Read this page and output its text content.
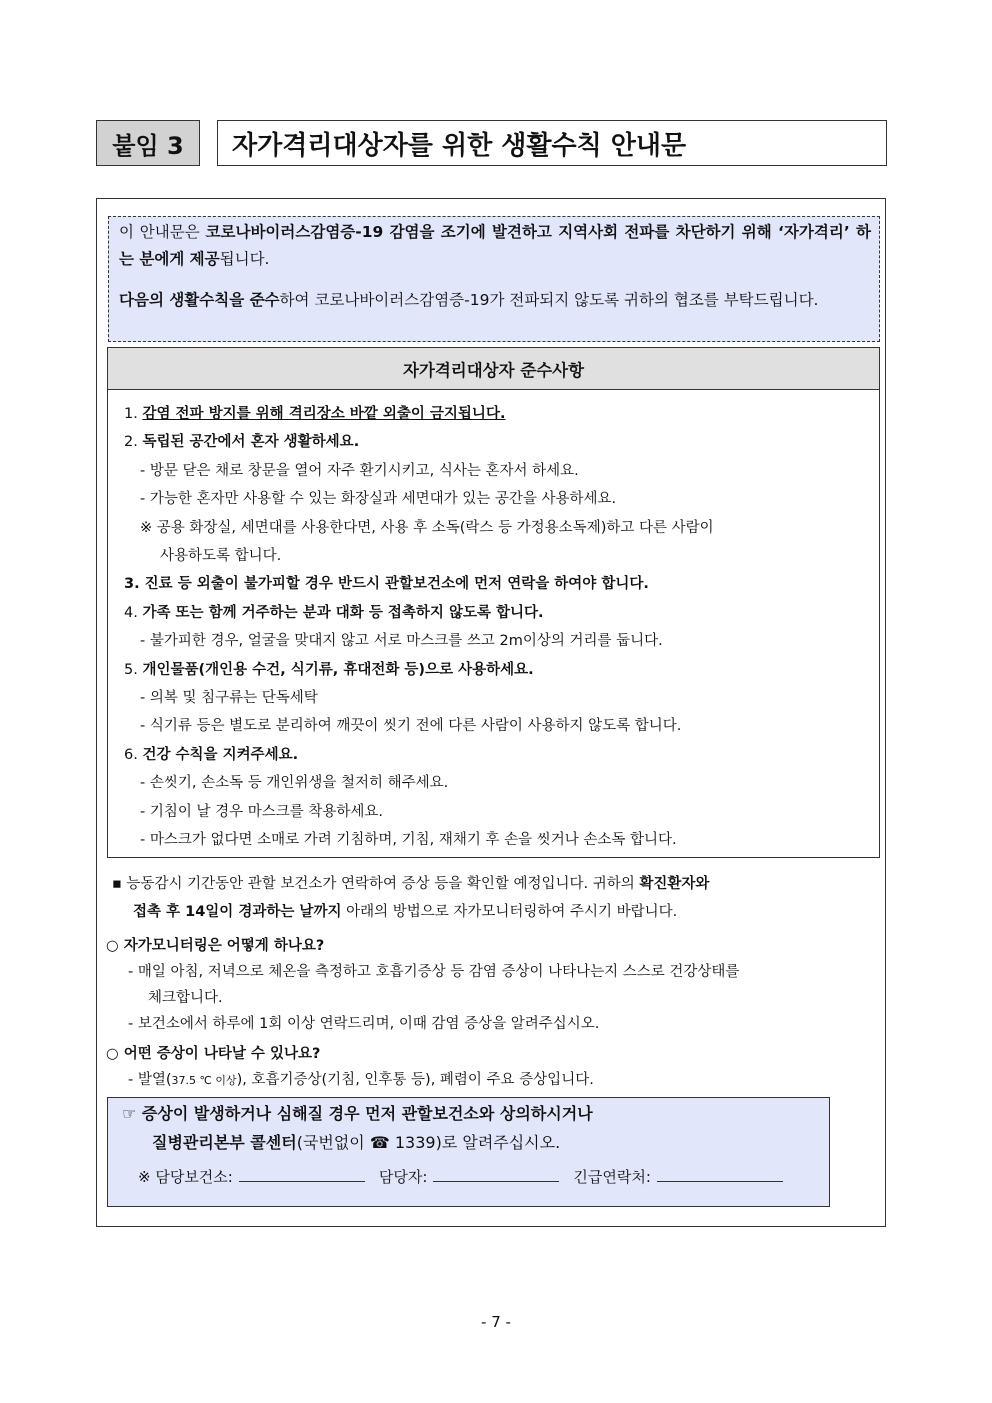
붙임 3	자가격리대상자를 위한 생활수칙 안내문

이 안내문은 코로나바이러스감염증-19 감염을 조기에 발견하고 지역사회 전파를 차단하기 위해 ‘자가격리’ 하는 분에게 제공됩니다.

다음의 생활수칙을 준수하여 코로나바이러스감염증-19가 전파되지 않도록 귀하의 협조를 부탁드립니다.

자가격리대상자 준수사항
1. 감염 전파 방지를 위해 격리장소 바깥 외출이 금지됩니다.
2. 독립된 공간에서 혼자 생활하세요.
- 방문 닫은 채로 창문을 열어 자주 환기시키고, 식사는 혼자서 하세요.
- 가능한 혼자만 사용할 수 있는 화장실과 세면대가 있는 공간을 사용하세요.
※ 공용 화장실, 세면대를 사용한다면, 사용 후 소독(락스 등 가정용소독제)하고 다른 사람이
사용하도록 합니다.
3. 진료 등 외출이 불가피할 경우 반드시 관할보건소에 먼저 연락을 하여야 합니다.
4. 가족 또는 함께 거주하는 분과 대화 등 접촉하지 않도록 합니다.
- 불가피한 경우, 얼굴을 맞대지 않고 서로 마스크를 쓰고 2m이상의 거리를 둡니다.
5. 개인물품(개인용 수건, 식기류, 휴대전화 등)으로 사용하세요.
- 의복 및 침구류는 단독세탁
- 식기류 등은 별도로 분리하여 깨끗이 씻기 전에 다른 사람이 사용하지 않도록 합니다.
6. 건강 수칙을 지켜주세요.
- 손씻기, 손소독 등 개인위생을 철저히 해주세요.
- 기침이 날 경우 마스크를 착용하세요.
- 마스크가 없다면 소매로 가려 기침하며, 기침, 재채기 후 손을 씻거나 손소독 합니다.
▪ 능동감시 기간동안 관할 보건소가 연락하여 증상 등을 확인할 예정입니다. 귀하의 확진환자와
접촉 후 14일이 경과하는 날까지 아래의 방법으로 자가모니터링하여 주시기 바랍니다.
○ 자가모니터링은 어떻게 하나요?
- 매일 아침, 저녁으로 체온을 측정하고 호흡기증상 등 감염 증상이 나타나는지 스스로 건강상태를
체크합니다.
- 보건소에서 하루에 1회 이상 연락드리며, 이때 감염 증상을 알려주십시오.
○ 어떤 증상이 나타날 수 있나요?
- 발열(37.5 ℃ 이상), 호흡기증상(기침, 인후통 등), 폐렴이 주요 증상입니다.
☞ 증상이 발생하거나 심해질 경우 먼저 관할보건소와 상의하시거나
질병관리본부 콜센터(국번없이 ☎ 1339)로 알려주십시오.
※ 담당보건소:	담당자:	긴급연락처:
- 7 -
